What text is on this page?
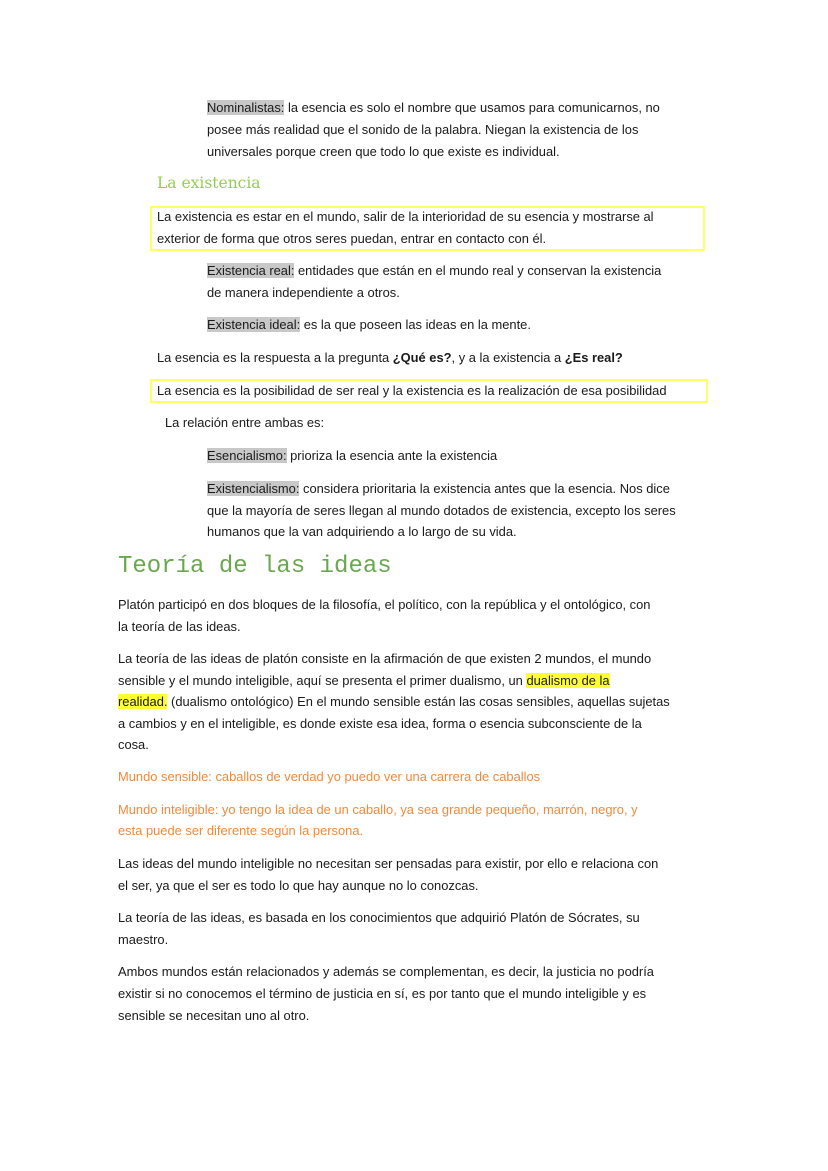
Nominalistas: la esencia es solo el nombre que usamos para comunicarnos, no
posee más realidad que el sonido de la palabra. Niegan la existencia de los
universales porque creen que todo lo que existe es individual.
La existencia
La existencia es estar en el mundo, salir de la interioridad de su esencia y mostrarse al
exterior de forma que otros seres puedan, entrar en contacto con él.
Existencia real: entidades que están en el mundo real y conservan la existencia
de manera independiente a otros.
Existencia ideal: es la que poseen las ideas en la mente.
La esencia es la respuesta a la pregunta ¿Qué es?, y a la existencia a ¿Es real?
La esencia es la posibilidad de ser real y la existencia es la realización de esa posibilidad
La relación entre ambas es:
Esencialismo: prioriza la esencia ante la existencia
Existencialismo: considera prioritaria la existencia antes que la esencia. Nos dice
que la mayoría de seres llegan al mundo dotados de existencia, excepto los seres
humanos que la van adquiriendo a lo largo de su vida.
Teoría de las ideas
Platón participó en dos bloques de la filosofía, el político, con la república y el ontológico, con
la teoría de las ideas.
La teoría de las ideas de platón consiste en la afirmación de que existen 2 mundos, el mundo
sensible y el mundo inteligible, aquí se presenta el primer dualismo, un dualismo de la
realidad. (dualismo ontológico) En el mundo sensible están las cosas sensibles, aquellas sujetas
a cambios y en el inteligible, es donde existe esa idea, forma o esencia subconsciente de la
cosa.
Mundo sensible: caballos de verdad yo puedo ver una carrera de caballos
Mundo inteligible: yo tengo la idea de un caballo, ya sea grande pequeño, marrón, negro, y
esta puede ser diferente según la persona.
Las ideas del mundo inteligible no necesitan ser pensadas para existir, por ello e relaciona con
el ser, ya que el ser es todo lo que hay aunque no lo conozcas.
La teoría de las ideas, es basada en los conocimientos que adquirió Platón de Sócrates, su
maestro.
Ambos mundos están relacionados y además se complementan, es decir, la justicia no podría
existir si no conocemos el término de justicia en sí, es por tanto que el mundo inteligible y es
sensible se necesitan uno al otro.
